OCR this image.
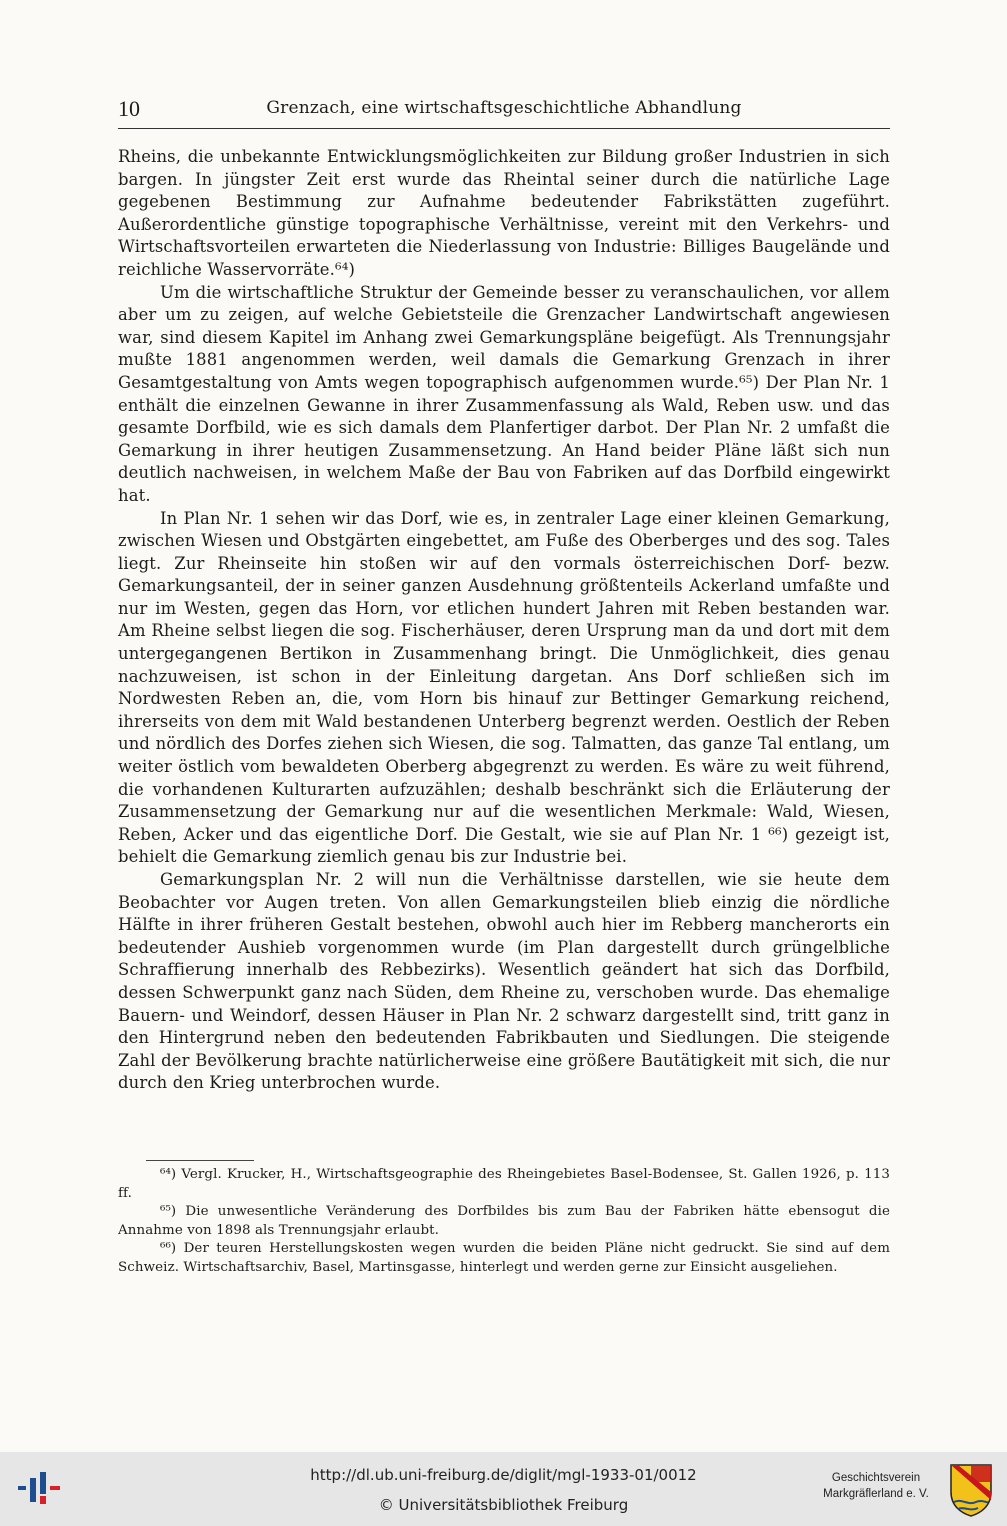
10	Grenzach, eine wirtschaftsgeschichtliche Abhandlung

Rheins, die unbekannte Entwicklungsmöglichkeiten zur Bildung großer Industrien in sich bargen. In jüngster Zeit erst wurde das Rheintal seiner durch die natürliche Lage gegebenen Bestimmung zur Aufnahme bedeutender Fabrikstätten zugeführt. Außerordentliche günstige topographische Verhältnisse, vereint mit den Verkehrs- und Wirtschaftsvorteilen erwarteten die Niederlassung von Industrie: Billiges Baugelände und reichliche Wasservorräte.⁶⁴)

Um die wirtschaftliche Struktur der Gemeinde besser zu veranschaulichen, vor allem aber um zu zeigen, auf welche Gebietsteile die Grenzacher Landwirtschaft angewiesen war, sind diesem Kapitel im Anhang zwei Gemarkungspläne beigefügt. Als Trennungsjahr mußte 1881 angenommen werden, weil damals die Gemarkung Grenzach in ihrer Gesamtgestaltung von Amts wegen topographisch aufgenommen wurde.⁶⁵) Der Plan Nr. 1 enthält die einzelnen Gewanne in ihrer Zusammenfassung als Wald, Reben usw. und das gesamte Dorfbild, wie es sich damals dem Planfertiger darbot. Der Plan Nr. 2 umfaßt die Gemarkung in ihrer heutigen Zusammensetzung. An Hand beider Pläne läßt sich nun deutlich nachweisen, in welchem Maße der Bau von Fabriken auf das Dorfbild eingewirkt hat.

In Plan Nr. 1 sehen wir das Dorf, wie es, in zentraler Lage einer kleinen Gemarkung, zwischen Wiesen und Obstgärten eingebettet, am Fuße des Oberberges und des sog. Tales liegt. Zur Rheinseite hin stoßen wir auf den vormals österreichischen Dorf- bezw. Gemarkungsanteil, der in seiner ganzen Ausdehnung größtenteils Ackerland umfaßte und nur im Westen, gegen das Horn, vor etlichen hundert Jahren mit Reben bestanden war. Am Rheine selbst liegen die sog. Fischerhäuser, deren Ursprung man da und dort mit dem untergegangenen Bertikon in Zusammenhang bringt. Die Unmöglichkeit, dies genau nachzuweisen, ist schon in der Einleitung dargetan. Ans Dorf schließen sich im Nordwesten Reben an, die, vom Horn bis hinauf zur Bettinger Gemarkung reichend, ihrerseits von dem mit Wald bestandenen Unterberg begrenzt werden. Oestlich der Reben und nördlich des Dorfes ziehen sich Wiesen, die sog. Talmatten, das ganze Tal entlang, um weiter östlich vom bewaldeten Oberberg abgegrenzt zu werden. Es wäre zu weit führend, die vorhandenen Kulturarten aufzuzählen; deshalb beschränkt sich die Erläuterung der Zusammensetzung der Gemarkung nur auf die wesentlichen Merkmale: Wald, Wiesen, Reben, Acker und das eigentliche Dorf. Die Gestalt, wie sie auf Plan Nr. 1 ⁶⁶) gezeigt ist, behielt die Gemarkung ziemlich genau bis zur Industrie bei.

Gemarkungsplan Nr. 2 will nun die Verhältnisse darstellen, wie sie heute dem Beobachter vor Augen treten. Von allen Gemarkungsteilen blieb einzig die nördliche Hälfte in ihrer früheren Gestalt bestehen, obwohl auch hier im Rebberg mancherorts ein bedeutender Aushieb vorgenommen wurde (im Plan dargestellt durch grüngelbliche Schraffierung innerhalb des Rebbezirks). Wesentlich geändert hat sich das Dorfbild, dessen Schwerpunkt ganz nach Süden, dem Rheine zu, verschoben wurde. Das ehemalige Bauern- und Weindorf, dessen Häuser in Plan Nr. 2 schwarz dargestellt sind, tritt ganz in den Hintergrund neben den bedeutenden Fabrikbauten und Siedlungen. Die steigende Zahl der Bevölkerung brachte natürlicherweise eine größere Bautätigkeit mit sich, die nur durch den Krieg unterbrochen wurde.

⁶⁴) Vergl. Krucker, H., Wirtschaftsgeographie des Rheingebietes Basel-Bodensee, St. Gallen 1926, p. 113 ff.

⁶⁵) Die unwesentliche Veränderung des Dorfbildes bis zum Bau der Fabriken hätte ebensogut die Annahme von 1898 als Trennungsjahr erlaubt.

⁶⁶) Der teuren Herstellungskosten wegen wurden die beiden Pläne nicht gedruckt. Sie sind auf dem Schweiz. Wirtschaftsarchiv, Basel, Martinsgasse, hinterlegt und werden gerne zur Einsicht ausgeliehen.

http://dl.ub.uni-freiburg.de/diglit/mgl-1933-01/0012
© Universitätsbibliothek Freiburg
Geschichtsverein
Markgräflerland e. V.
